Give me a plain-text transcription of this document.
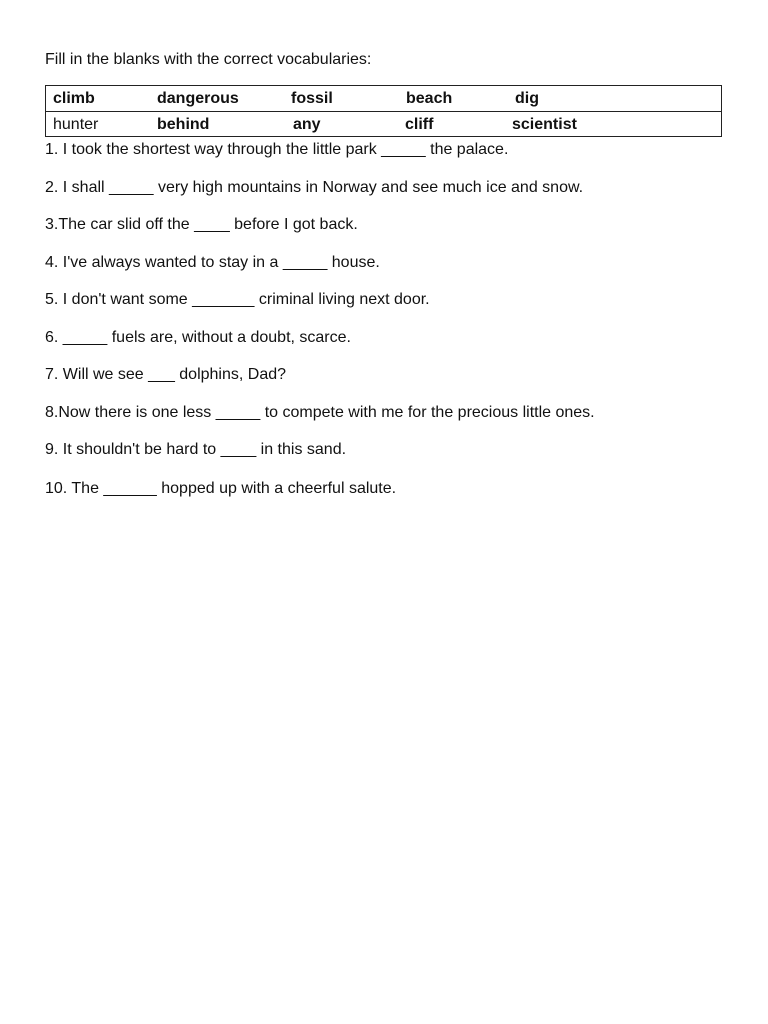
Fill in the blanks with the correct vocabularies:
climb	dangerous	fossil	beach	dig
hunter	behind	any	cliff	scientist
1. I took the shortest way through the little park _____ the palace.
2. I shall _____ very high mountains in Norway and see much ice and snow.
3.The car slid off the ____ before I got back.
4. I've always wanted to stay in a _____ house.
5. I don't want some _______ criminal living next door.
6. _____ fuels are, without a doubt, scarce.
7. Will we see ___ dolphins, Dad?
8.Now there is one less _____ to compete with me for the precious little ones.
9. It shouldn't be hard to ____ in this sand.
10. The ______ hopped up with a cheerful salute.
